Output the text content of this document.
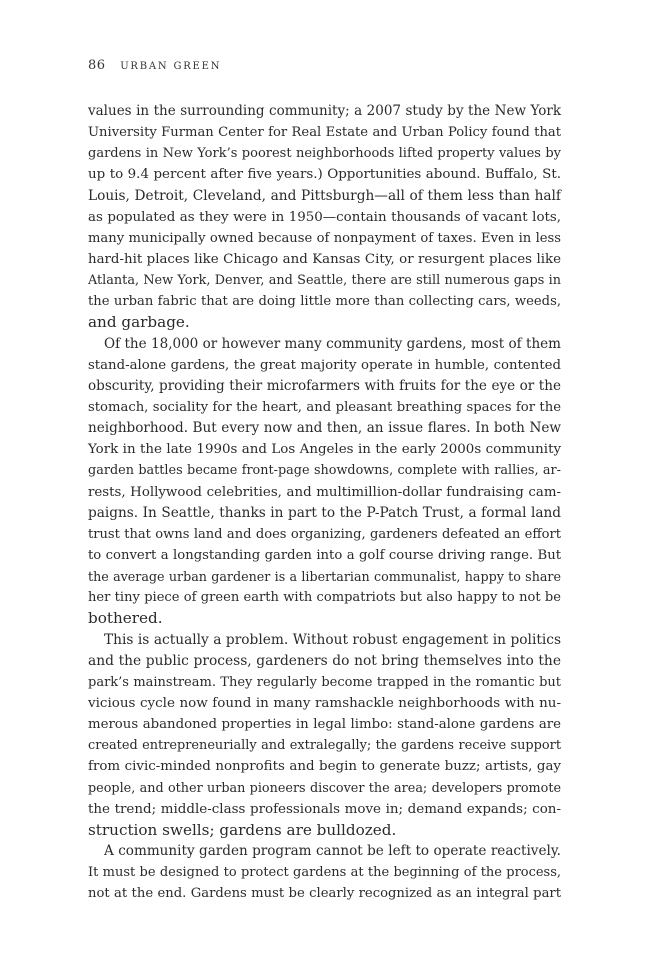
86 URBAN GREEN
values in the surrounding community; a 2007 study by the New York
University Furman Center for Real Estate and Urban Policy found that
gardens in New York’s poorest neighborhoods lifted property values by
up to 9.4 percent after five years.) Opportunities abound. Buffalo, St.
Louis, Detroit, Cleveland, and Pittsburgh—all of them less than half
as populated as they were in 1950—contain thousands of vacant lots,
many municipally owned because of nonpayment of taxes. Even in less
hard-hit places like Chicago and Kansas City, or resurgent places like
Atlanta, New York, Denver, and Seattle, there are still numerous gaps in
the urban fabric that are doing little more than collecting cars, weeds,
and garbage.
Of the 18,000 or however many community gardens, most of them
stand-alone gardens, the great majority operate in humble, contented
obscurity, providing their microfarmers with fruits for the eye or the
stomach, sociality for the heart, and pleasant breathing spaces for the
neighborhood. But every now and then, an issue flares. In both New
York in the late 1990s and Los Angeles in the early 2000s community
garden battles became front-page showdowns, complete with rallies, ar-
rests, Hollywood celebrities, and multimillion-dollar fundraising cam-
paigns. In Seattle, thanks in part to the P-Patch Trust, a formal land
trust that owns land and does organizing, gardeners defeated an effort
to convert a longstanding garden into a golf course driving range. But
the average urban gardener is a libertarian communalist, happy to share
her tiny piece of green earth with compatriots but also happy to not be
bothered.
This is actually a problem. Without robust engagement in politics
and the public process, gardeners do not bring themselves into the
park’s mainstream. They regularly become trapped in the romantic but
vicious cycle now found in many ramshackle neighborhoods with nu-
merous abandoned properties in legal limbo: stand-alone gardens are
created entrepreneurially and extralegally; the gardens receive support
from civic-minded nonprofits and begin to generate buzz; artists, gay
people, and other urban pioneers discover the area; developers promote
the trend; middle-class professionals move in; demand expands; con-
struction swells; gardens are bulldozed.
A community garden program cannot be left to operate reactively.
It must be designed to protect gardens at the beginning of the process,
not at the end. Gardens must be clearly recognized as an integral part
